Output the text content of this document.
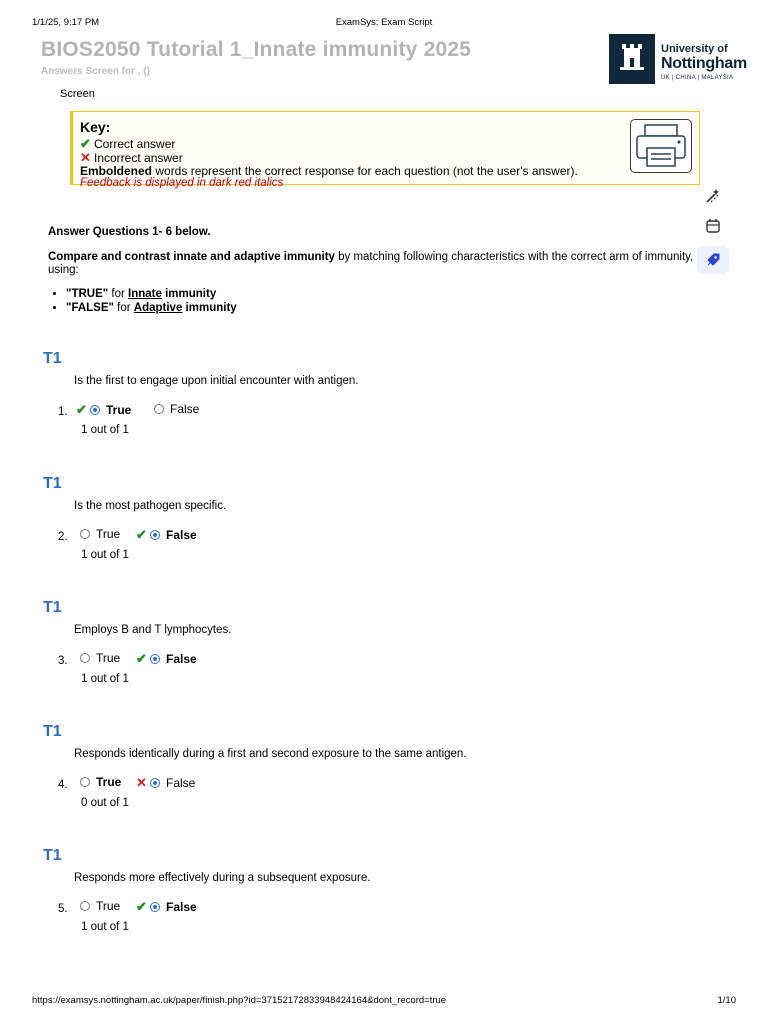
1/1/25, 9:17 PM	ExamSys: Exam Script
BIOS2050 Tutorial 1_Innate immunity 2025
Answers Screen for , ()
Screen
University of
Nottingham
UK | CHINA | MALAYSIA
Key:
✔ Correct answer
✕ Incorrect answer
Emboldened words represent the correct response for each question (not the user's answer).
Feedback is displayed in dark red italics
Answer Questions 1- 6 below.
Compare and contrast innate and adaptive immunity by matching following characteristics with the correct arm of immunity, using:
• "TRUE" for Innate immunity
• "FALSE" for Adaptive immunity
T1
Is the first to engage upon initial encounter with antigen.
1. ✔ True	False
1 out of 1
T1
Is the most pathogen specific.
2.	True ✔ False
1 out of 1
T1
Employs B and T lymphocytes.
3.	True ✔ False
1 out of 1
T1
Responds identically during a first and second exposure to the same antigen.
4.	True ✕ False
0 out of 1
T1
Responds more effectively during a subsequent exposure.
5.	True ✔ False
1 out of 1
https://examsys.nottingham.ac.uk/paper/finish.php?id=37152172833948424164&dont_record=true	1/10
